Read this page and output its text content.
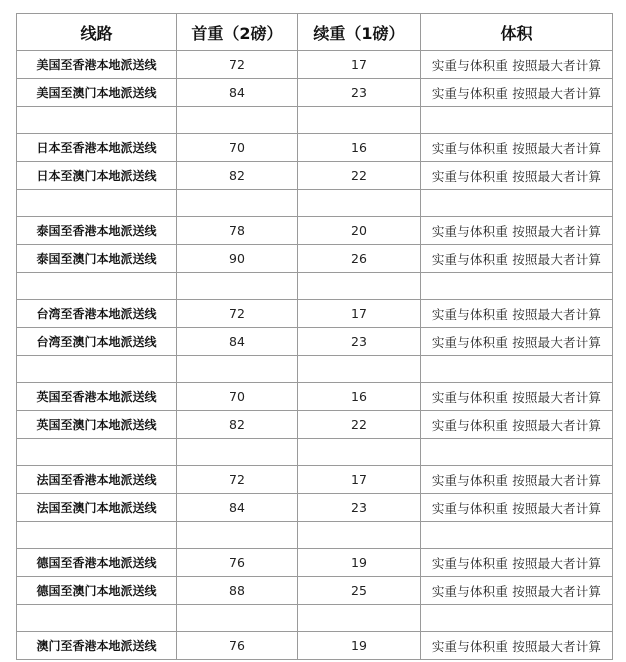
线路	首重（2磅）	续重（1磅）	体积
美国至香港本地派送线	72	17	实重与体积重 按照最大者计算
美国至澳门本地派送线	84	23	实重与体积重 按照最大者计算

日本至香港本地派送线	70	16	实重与体积重 按照最大者计算
日本至澳门本地派送线	82	22	实重与体积重 按照最大者计算

泰国至香港本地派送线	78	20	实重与体积重 按照最大者计算
泰国至澳门本地派送线	90	26	实重与体积重 按照最大者计算

台湾至香港本地派送线	72	17	实重与体积重 按照最大者计算
台湾至澳门本地派送线	84	23	实重与体积重 按照最大者计算

英国至香港本地派送线	70	16	实重与体积重 按照最大者计算
英国至澳门本地派送线	82	22	实重与体积重 按照最大者计算

法国至香港本地派送线	72	17	实重与体积重 按照最大者计算
法国至澳门本地派送线	84	23	实重与体积重 按照最大者计算

德国至香港本地派送线	76	19	实重与体积重 按照最大者计算
德国至澳门本地派送线	88	25	实重与体积重 按照最大者计算

澳门至香港本地派送线	76	19	实重与体积重 按照最大者计算
